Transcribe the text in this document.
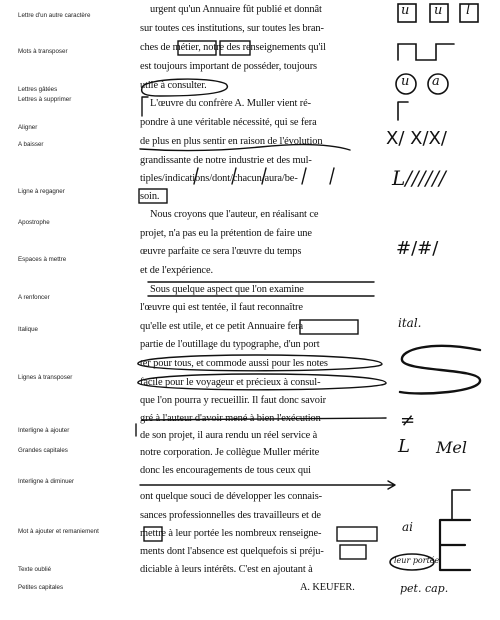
Lettre d'un autre caractère
Mots à transposer
Lettres gâtées
Lettres à supprimer
Aligner
A baisser
Ligne à regagner
Apostrophe
Espaces à mettre
A renfoncer
Italique
Lignes à transposer
Interligne à ajouter
Grandes capitales
Interligne à diminuer
Mot à ajouter et remaniement
Texte oublié
Petites capitales
urgent qu'un Annuaire fût publié et donnât
sur toutes ces institutions, sur toutes les bran-
ches de métier, notre des renseignements qu'il
est toujours important de posséder, toujours
utile à consulter.
L'œuvre du confrère A. Muller vient ré-
pondre à une véritable nécessité, qui se fera
de plus en plus sentir en raison de l'évolution
grandissante de notre industrie et des mul-
tiples/indications/dont/chacun/aura/be-
soin.
Nous croyons que l'auteur, en réalisant ce
projet, n'a pas eu la prétention de faire une
œuvre parfaite ce sera l'œuvre du temps
et de l'expérience.
Sous quelque aspect que l'on examine
l'œuvre qui est tentée, il faut reconnaître
qu'elle est utile, et ce petit Annuaire fera
partie de l'outillage du typographe, d'un port
ter pour tous, et commode aussi pour les notes
facile pour le voyageur et précieux à consul-
que l'on pourra y recueillir. Il faut donc savoir
gré à l'auteur d'avoir mené à bien l'exécution
de son projet, il aura rendu un réel service à
notre corporation. Je collègue Muller mérite
donc les encouragements de tous ceux qui
ont quelque souci de développer les connais-
sances professionnelles des travailleurs et de
mettre à leur portée les nombreux renseigne-
ments dont l'absence est quelquefois si préju-
diciable à leurs intérêts. C'est en ajoutant à
A. KEUFER.
u u l
u a
X/ X/X/
L//////
#/#/
ital.
≠
L Mel
ai
leur portée
pet. cap.
